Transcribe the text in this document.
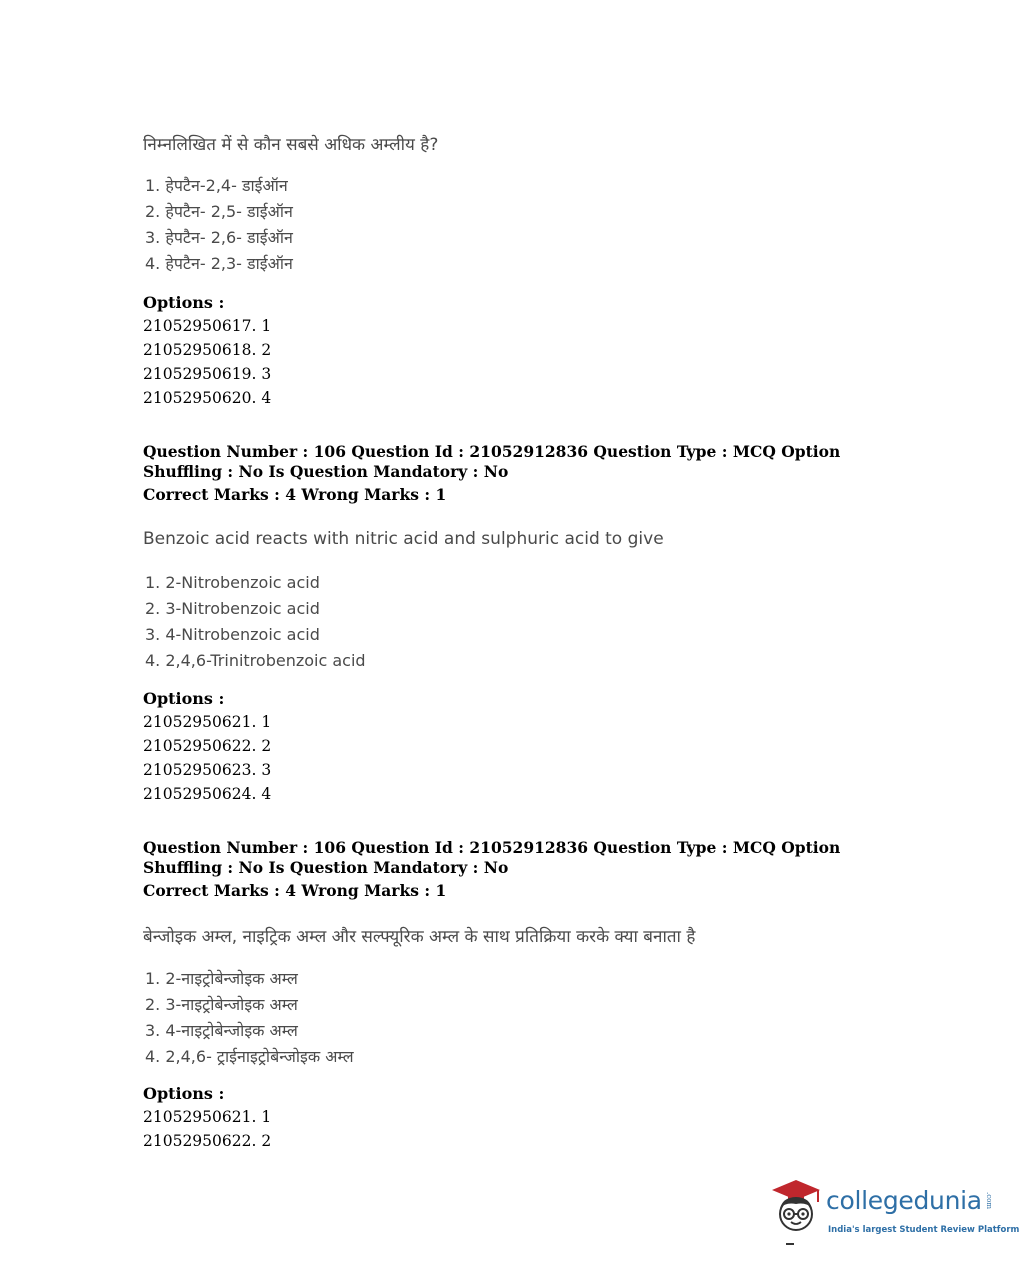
निम्नलिखित में से कौन सबसे अधिक अम्लीय है?
1. हेपटैन-2,4- डाईऑन
2. हेपटैन- 2,5- डाईऑन
3. हेपटैन- 2,6- डाईऑन
4. हेपटैन- 2,3- डाईऑन
Options :
21052950617. 1
21052950618. 2
21052950619. 3
21052950620. 4
Question Number : 106 Question Id : 21052912836 Question Type : MCQ Option Shuffling : No Is Question Mandatory : No
Correct Marks : 4 Wrong Marks : 1
Benzoic acid reacts with nitric acid and sulphuric acid to give
1. 2-Nitrobenzoic acid
2. 3-Nitrobenzoic acid
3. 4-Nitrobenzoic acid
4. 2,4,6-Trinitrobenzoic acid
Options :
21052950621. 1
21052950622. 2
21052950623. 3
21052950624. 4
Question Number : 106 Question Id : 21052912836 Question Type : MCQ Option Shuffling : No Is Question Mandatory : No
Correct Marks : 4 Wrong Marks : 1
बेन्जोइक अम्ल, नाइट्रिक अम्ल और सल्फ्यूरिक अम्ल के साथ प्रतिक्रिया करके क्या बनाता है
1. 2-नाइट्रोबेन्जोइक अम्ल
2. 3-नाइट्रोबेन्जोइक अम्ल
3. 4-नाइट्रोबेन्जोइक अम्ल
4. 2,4,6- ट्राईनाइट्रोबेन्जोइक अम्ल
Options :
21052950621. 1
21052950622. 2
collegedunia .com
India's largest Student Review Platform
